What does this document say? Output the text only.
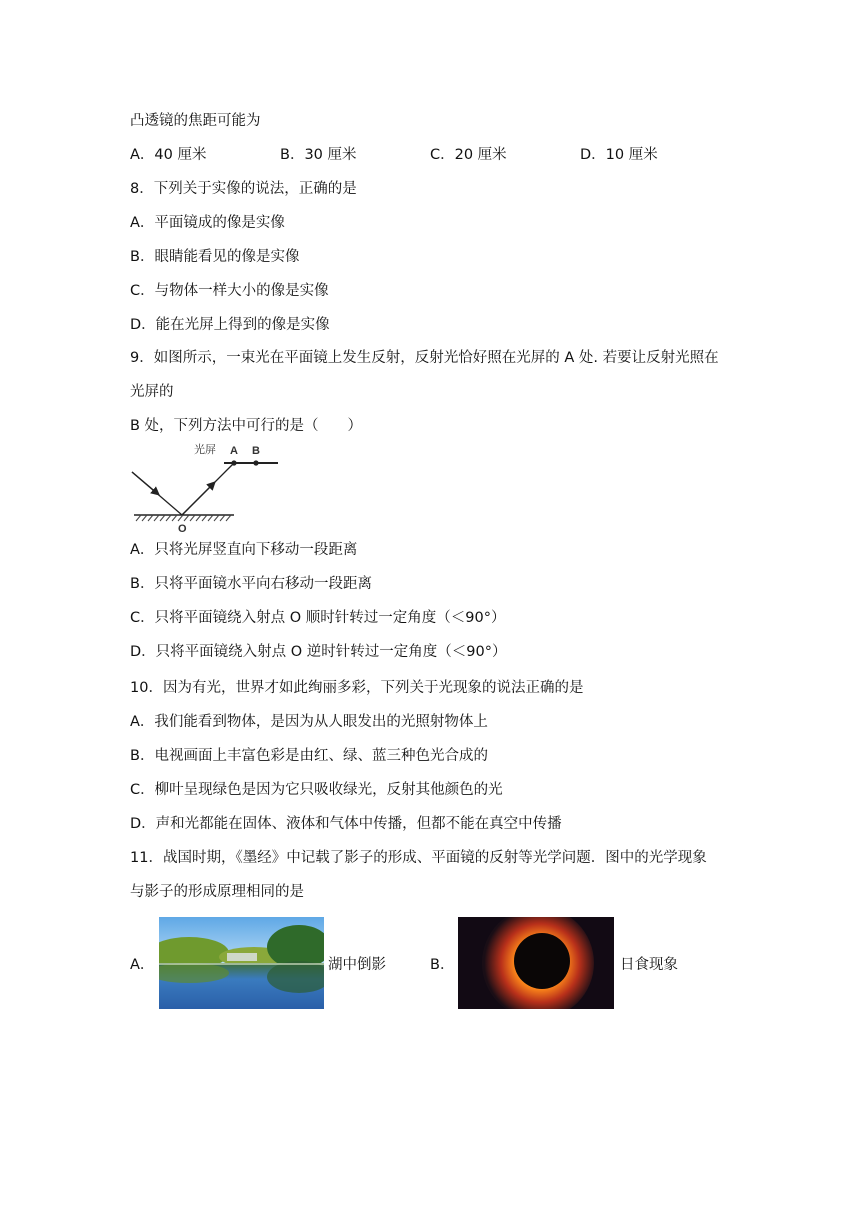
凸透镜的焦距可能为
A．40 厘米	B．30 厘米	C．20 厘米	D．10 厘米
8．下列关于实像的说法，正确的是
A．平面镜成的像是实像
B．眼睛能看见的像是实像
C．与物体一样大小的像是实像
D．能在光屏上得到的像是实像
9．如图所示，一束光在平面镜上发生反射，反射光恰好照在光屏的 A 处. 若要让反射光照在
光屏的
B 处，下列方法中可行的是（　　）
光屏 A B
O
A．只将光屏竖直向下移动一段距离
B．只将平面镜水平向右移动一段距离
C．只将平面镜绕入射点 O 顺时针转过一定角度（＜90°）
D．只将平面镜绕入射点 O 逆时针转过一定角度（＜90°）
10．因为有光，世界才如此绚丽多彩，下列关于光现象的说法正确的是
A．我们能看到物体，是因为从人眼发出的光照射物体上
B．电视画面上丰富色彩是由红、绿、蓝三种色光合成的
C．柳叶呈现绿色是因为它只吸收绿光，反射其他颜色的光
D．声和光都能在固体、液体和气体中传播，但都不能在真空中传播
11．战国时期，《墨经》中记载了影子的形成、平面镜的反射等光学问题．图中的光学现象
与影子的形成原理相同的是
A．	湖中倒影	B．	日食现象
